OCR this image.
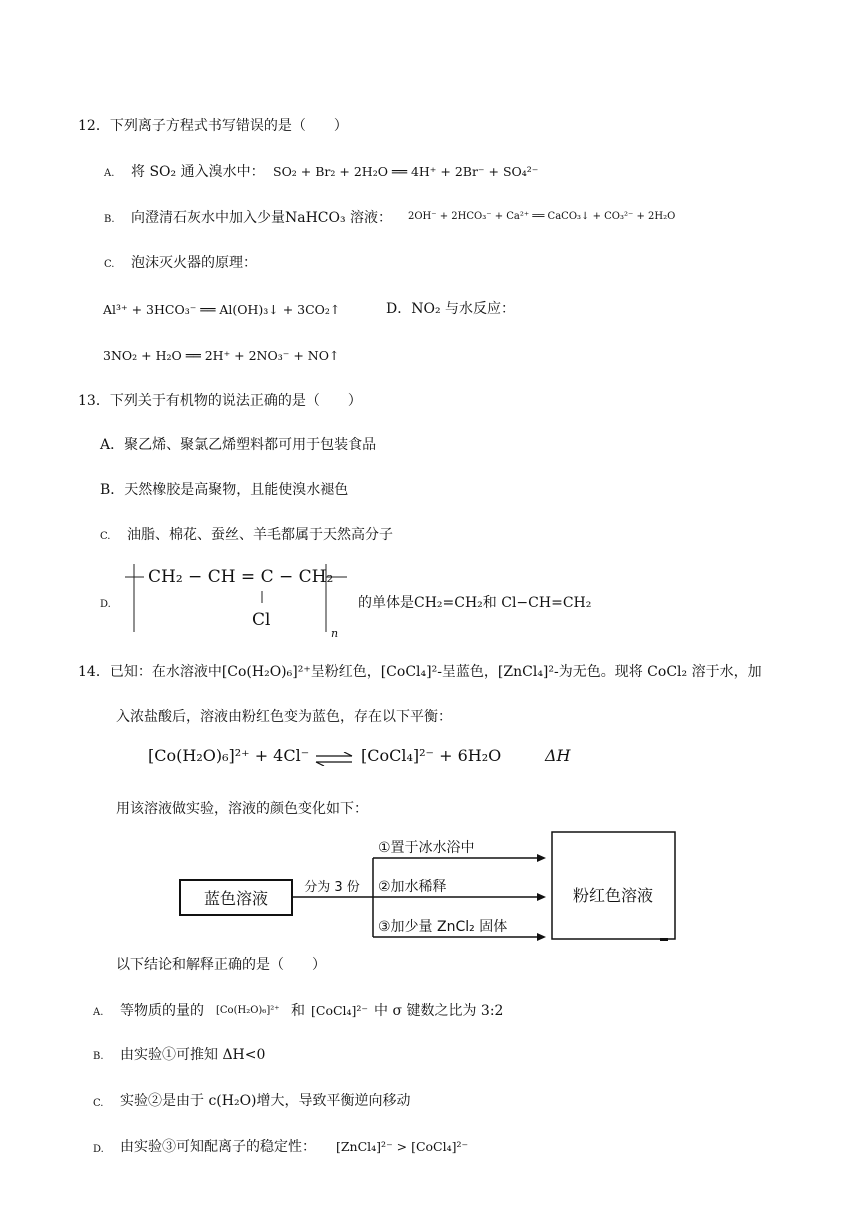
12．下列离子方程式书写错误的是（　　）
A. 将 SO₂ 通入溴水中： SO₂ + Br₂ + 2H₂O ══ 4H⁺ + 2Br⁻ + SO₄²⁻
B. 向澄清石灰水中加入少量NaHCO₃ 溶液： 2OH⁻ + 2HCO₃⁻ + Ca²⁺ ══ CaCO₃↓ + CO₃²⁻ + 2H₂O
C. 泡沫灭火器的原理：
Al³⁺ + 3HCO₃⁻ ══ Al(OH)₃↓ + 3CO₂↑	D．NO₂ 与水反应：
3NO₂ + H₂O ══ 2H⁺ + 2NO₃⁻ + NO↑
13．下列关于有机物的说法正确的是（　　）
A．聚乙烯、聚氯乙烯塑料都可用于包装食品
B．天然橡胶是高聚物，且能使溴水褪色
C. 油脂、棉花、蚕丝、羊毛都属于天然高分子
D.
CH₂ − CH = C − CH₂
Cl
n
的单体是CH₂=CH₂和 Cl−CH=CH₂
14．已知：在水溶液中[Co(H₂O)₆]²⁺呈粉红色，[CoCl₄]²-呈蓝色，[ZnCl₄]²-为无色。现将 CoCl₂ 溶于水，加
入浓盐酸后，溶液由粉红色变为蓝色，存在以下平衡：
[Co(H₂O)₆]²⁺ + 4Cl⁻ ⇌ [CoCl₄]²⁻ + 6H₂O	ΔH
用该溶液做实验，溶液的颜色变化如下：
蓝色溶液
分为 3 份
①置于冰水浴中
②加水稀释
③加少量 ZnCl₂ 固体
粉红色溶液
以下结论和解释正确的是（　　）
A. 等物质的量的 [Co(H₂O)₆]²⁺ 和 [CoCl₄]²⁻ 中 σ 键数之比为 3:2
B. 由实验①可推知 ΔH<0
C. 实验②是由于 c(H₂O)增大，导致平衡逆向移动
D. 由实验③可知配离子的稳定性： [ZnCl₄]²⁻ > [CoCl₄]²⁻
